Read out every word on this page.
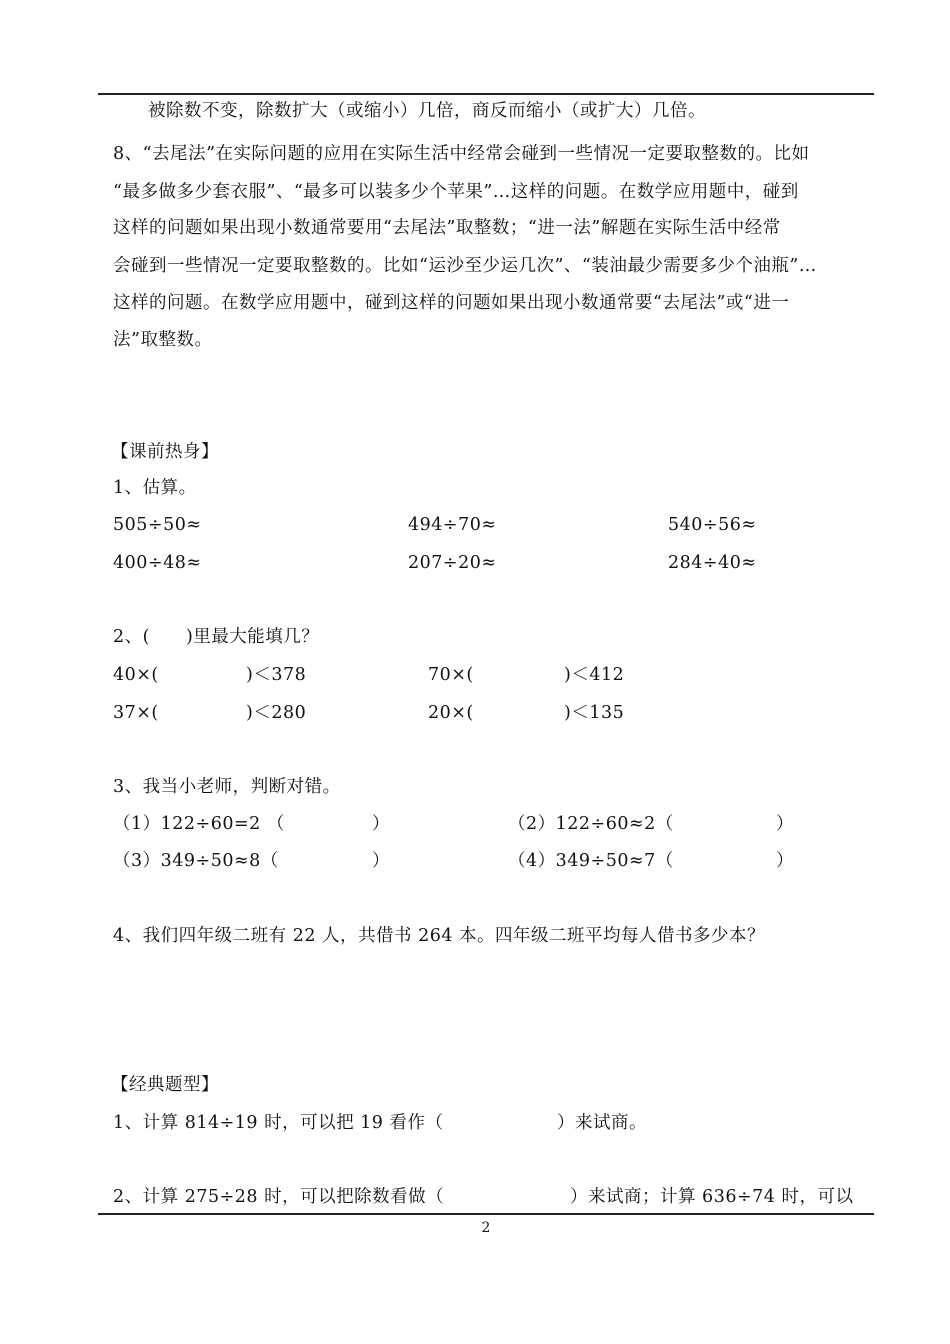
被除数不变，除数扩大（或缩小）几倍，商反而缩小（或扩大）几倍。
8、“去尾法”在实际问题的应用在实际生活中经常会碰到一些情况一定要取整数的。比如
“最多做多少套衣服”、“最多可以装多少个苹果”…这样的问题。在数学应用题中，碰到
这样的问题如果出现小数通常要用“去尾法”取整数；“进一法”解题在实际生活中经常
会碰到一些情况一定要取整数的。比如“运沙至少运几次”、“装油最少需要多少个油瓶”…
这样的问题。在数学应用题中，碰到这样的问题如果出现小数通常要“去尾法”或“进一
法”取整数。
【课前热身】
1、估算。
505÷50≈	494÷70≈	540÷56≈
400÷48≈	207÷20≈	284÷40≈
2、(　　)里最大能填几？
40×(	)＜378	70×(	)＜412
37×(	)＜280	20×(	)＜135
3、我当小老师，判断对错。
（1）122÷60=2 （	）	（2）122÷60≈2（	）
（3）349÷50≈8（	）	（4）349÷50≈7（	）
4、我们四年级二班有 22 人，共借书 264 本。四年级二班平均每人借书多少本？
【经典题型】
1、计算 814÷19 时，可以把 19 看作（	）来试商。
2、计算 275÷28 时，可以把除数看做（	）来试商；计算 636÷74 时，可以
2
